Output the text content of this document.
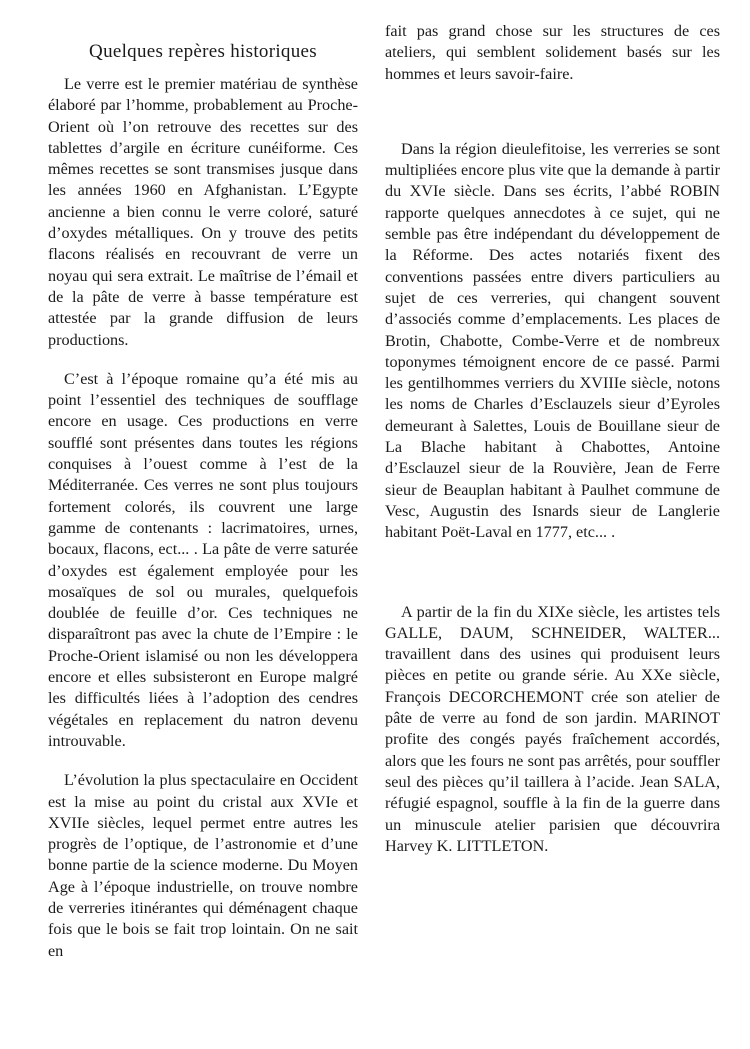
Quelques repères historiques

Le verre est le premier matériau de synthèse élaboré par l’homme, probablement au Proche-Orient où l’on retrouve des recettes sur des tablettes d’argile en écriture cunéiforme. Ces mêmes recettes se sont transmises jusque dans les années 1960 en Afghanistan. L’Egypte ancienne a bien connu le verre coloré, saturé d’oxydes métalliques. On y trouve des petits flacons réalisés en recouvrant de verre un noyau qui sera extrait. Le maîtrise de l’émail et de la pâte de verre à basse température est attestée par la grande diffusion de leurs productions.

C’est à l’époque romaine qu’a été mis au point l’essentiel des techniques de soufflage encore en usage. Ces productions en verre soufflé sont présentes dans toutes les régions conquises à l’ouest comme à l’est de la Méditerranée. Ces verres ne sont plus toujours fortement colorés, ils couvrent une large gamme de contenants : lacrimatoires, urnes, bocaux, flacons, ect... . La pâte de verre saturée d’oxydes est également employée pour les mosaïques de sol ou murales, quelquefois doublée de feuille d’or. Ces techniques ne disparaîtront pas avec la chute de l’Empire : le Proche-Orient islamisé ou non les développera encore et elles subsisteront en Europe malgré les difficultés liées à l’adoption des cendres végétales en replacement du natron devenu introuvable.

L’évolution la plus spectaculaire en Occident est la mise au point du cristal aux XVIe et XVIIe siècles, lequel permet entre autres les progrès de l’optique, de l’astronomie et d’une bonne partie de la science moderne. Du Moyen Age à l’époque industrielle, on trouve nombre de verreries itinérantes qui déménagent chaque fois que le bois se fait trop lointain. On ne sait en

fait pas grand chose sur les structures de ces ateliers, qui semblent solidement basés sur les hommes et leurs savoir-faire.

Dans la région dieulefitoise, les verreries se sont multipliées encore plus vite que la demande à partir du XVIe siècle. Dans ses écrits, l’abbé ROBIN rapporte quelques annecdotes à ce sujet, qui ne semble pas être indépendant du développement de la Réforme. Des actes notariés fixent des conventions passées entre divers particuliers au sujet de ces verreries, qui changent souvent d’associés comme d’emplacements. Les places de Brotin, Chabotte, Combe-Verre et de nombreux toponymes témoignent encore de ce passé. Parmi les gentilhommes verriers du XVIIIe siècle, notons les noms de Charles d’Esclauzels sieur d’Eyroles demeurant à Salettes, Louis de Bouillane sieur de La Blache habitant à Chabottes, Antoine d’Esclauzel sieur de la Rouvière, Jean de Ferre sieur de Beauplan habitant à Paulhet commune de Vesc, Augustin des Isnards sieur de Langlerie habitant Poët-Laval en 1777, etc... .

A partir de la fin du XIXe siècle, les artistes tels GALLE, DAUM, SCHNEIDER, WALTER... travaillent dans des usines qui produisent leurs pièces en petite ou grande série. Au XXe siècle, François DECORCHEMONT crée son atelier de pâte de verre au fond de son jardin. MARINOT profite des congés payés fraîchement accordés, alors que les fours ne sont pas arrêtés, pour souffler seul des pièces qu’il taillera à l’acide. Jean SALA, réfugié espagnol, souffle à la fin de la guerre dans un minuscule atelier parisien que découvrira Harvey K. LITTLETON.
